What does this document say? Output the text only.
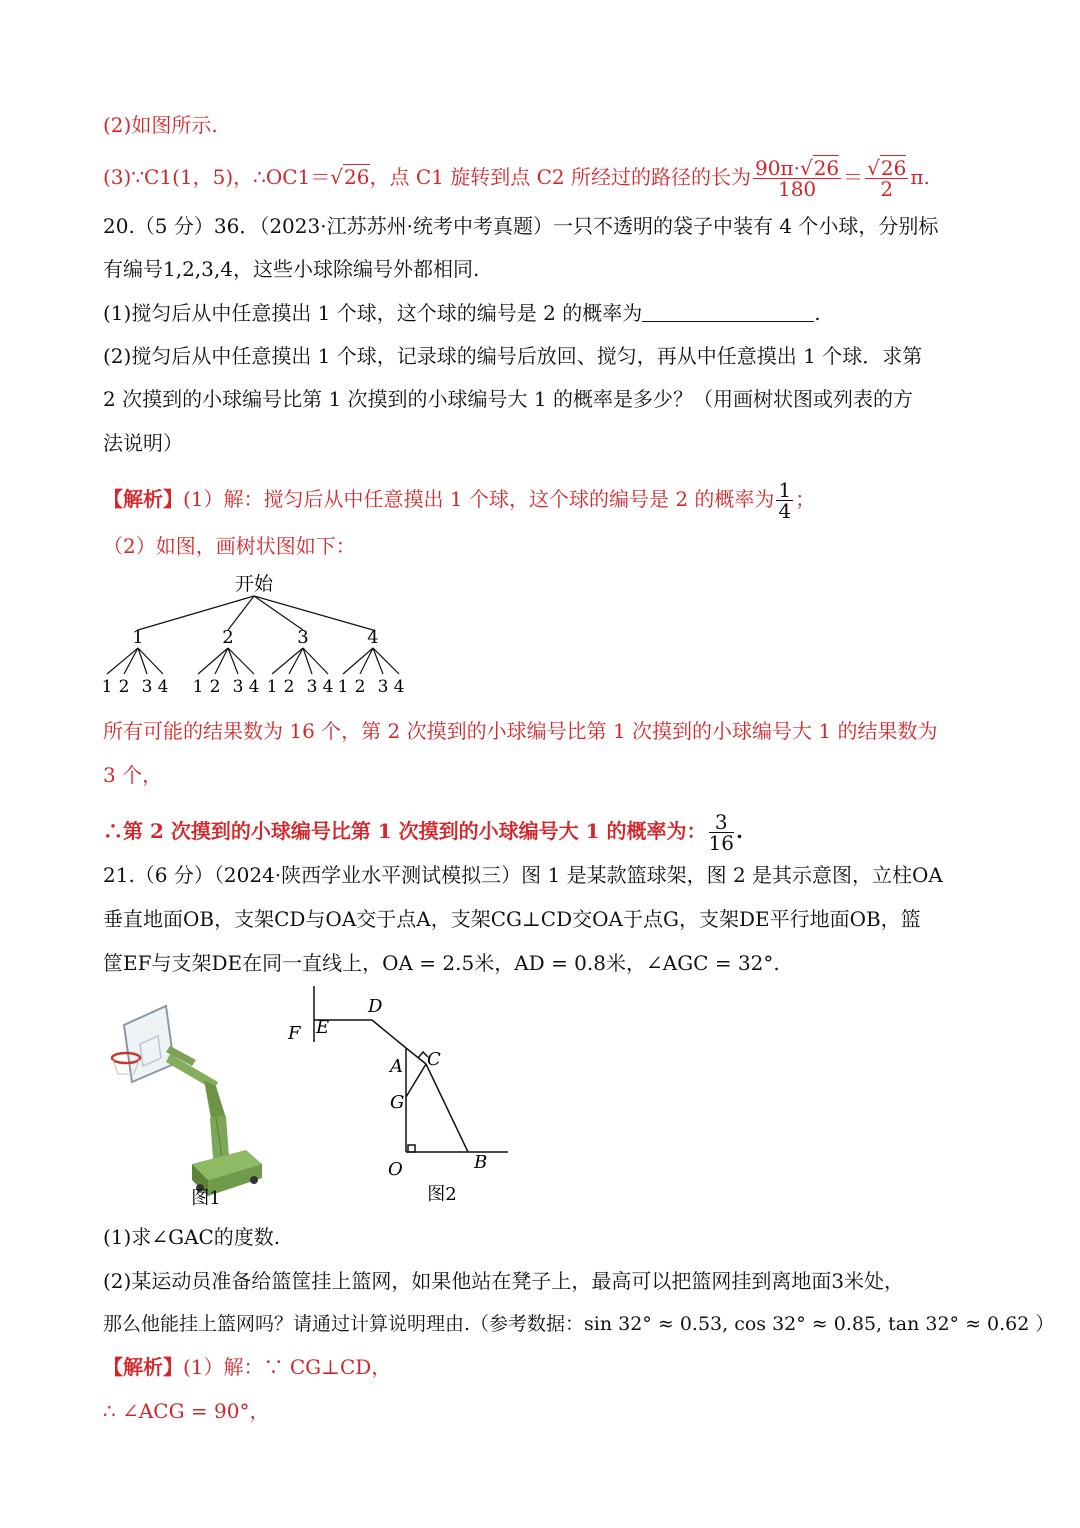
(2)如图所示.
(3)∵C1(1，5)，∴OC1＝√26，点 C1 旋转到点 C2 所经过的路径的长为 $\frac{90\pi\cdot√26}{180} = \frac{√26}{2} \pi$.
20.（5 分）36．（2023·江苏苏州·统考中考真题）一只不透明的袋子中装有 4 个小球，分别标
有编号1,2,3,4，这些小球除编号外都相同.
(1)搅匀后从中任意摸出 1 个球，这个球的编号是 2 的概率为	.
(2)搅匀后从中任意摸出 1 个球，记录球的编号后放回、搅匀，再从中任意摸出 1 个球．求第
2 次摸到的小球编号比第 1 次摸到的小球编号大 1 的概率是多少？（用画树状图或列表的方
法说明）
【解析】(1）解：搅匀后从中任意摸出 1 个球，这个球的编号是 2 的概率为 $\frac{1}{4}$ ；
（2）如图，画树状图如下：
开始
1	2	3	4
1 2 3 4 1 2 3 4 1 2 3 4 1 2 3 4
所有可能的结果数为 16 个，第 2 次摸到的小球编号比第 1 次摸到的小球编号大 1 的结果数为
3 个，
∴第 2 次摸到的小球编号比第 1 次摸到的小球编号大 1 的概率为： $\frac{3}{16}$ .
21.（6 分）（2024·陕西学业水平测试模拟三）图 1 是某款篮球架，图 2 是其示意图，立柱OA
垂直地面OB，支架CD与OA交于点A，支架CG⊥CD交OA于点G，支架DE平行地面OB，篮
筐EF与支架DE在同一直线上，OA = 2.5米，AD = 0.8米，∠AGC = 32°.
图1
F E
D
A C
G
O	B
图2
(1)求∠GAC的度数.
(2)某运动员准备给篮筐挂上篮网，如果他站在凳子上，最高可以把篮网挂到离地面3米处，
那么他能挂上篮网吗？请通过计算说明理由.（参考数据：sin 32° ≈ 0.53, cos 32° ≈ 0.85, tan 32° ≈ 0.62 ）
【解析】(1）解：∵ CG⊥CD，
∴ ∠ACG = 90°，
